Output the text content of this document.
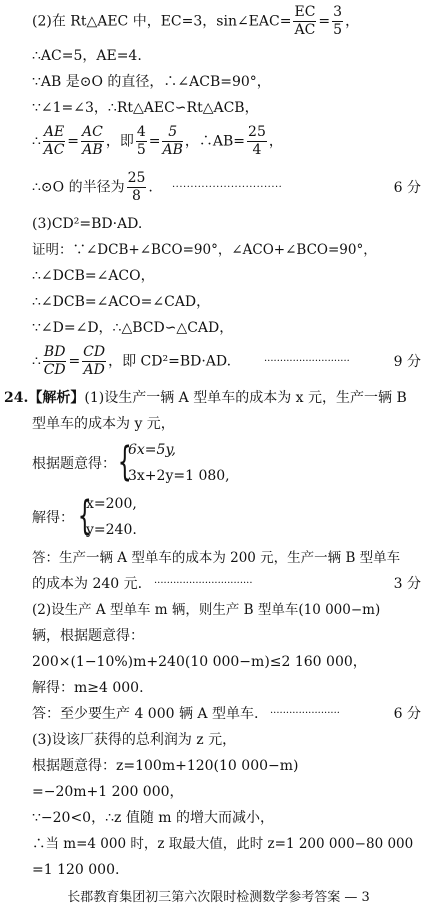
(2)在 Rt△AEC 中，EC=3，sin∠EAC= $\frac{EC}{AC} = \frac{3}{5}$ ，
∴AC=5，AE=4.
∵AB 是⊙O 的直径，∴∠ACB=90°，
∵∠1=∠3，∴Rt△AEC∽Rt△ACB，
∴ $\frac{AE}{AC} = \frac{AC}{AB}$ ，即 $\frac{4}{5} = \frac{5}{AB}$ ，∴AB= $\frac{25}{4}$ ，
∴⊙O 的半径为 $\frac{25}{8}$ . ······························	6 分
(3)CD²=BD·AD.
证明：∵∠DCB+∠BCO=90°，∠ACO+∠BCO=90°，
∴∠DCB=∠ACO，
∴∠DCB=∠ACO=∠CAD，
∵∠D=∠D，∴△BCD∽△CAD，
∴ $\frac{BD}{CD} = \frac{CD}{AD}$ ，即 CD²=BD·AD.	···························	9 分
24.【解析】(1)设生产一辆 A 型单车的成本为 x 元，生产一辆 B
型单车的成本为 y 元，
根据题意得： {
6x=5y,
3x+2y=1 080,
解得： {
x=200,
y=240.
答：生产一辆 A 型单车的成本为 200 元，生产一辆 B 型单车
的成本为 240 元. ·······························	3 分
(2)设生产 A 型单车 m 辆，则生产 B 型单车(10 000−m)
辆，根据题意得：
200×(1−10%)m+240(10 000−m)≤2 160 000，
解得：m≥4 000.
答：至少要生产 4 000 辆 A 型单车. ······················	6 分
(3)设该厂获得的总利润为 z 元，
根据题意得：z=100m+120(10 000−m)
=−20m+1 200 000，
∵−20<0，∴z 值随 m 的增大而减小，
∴当 m=4 000 时，z 取最大值，此时 z=1 200 000−80 000
=1 120 000.
长郡教育集团初三第六次限时检测数学参考答案 — 3
